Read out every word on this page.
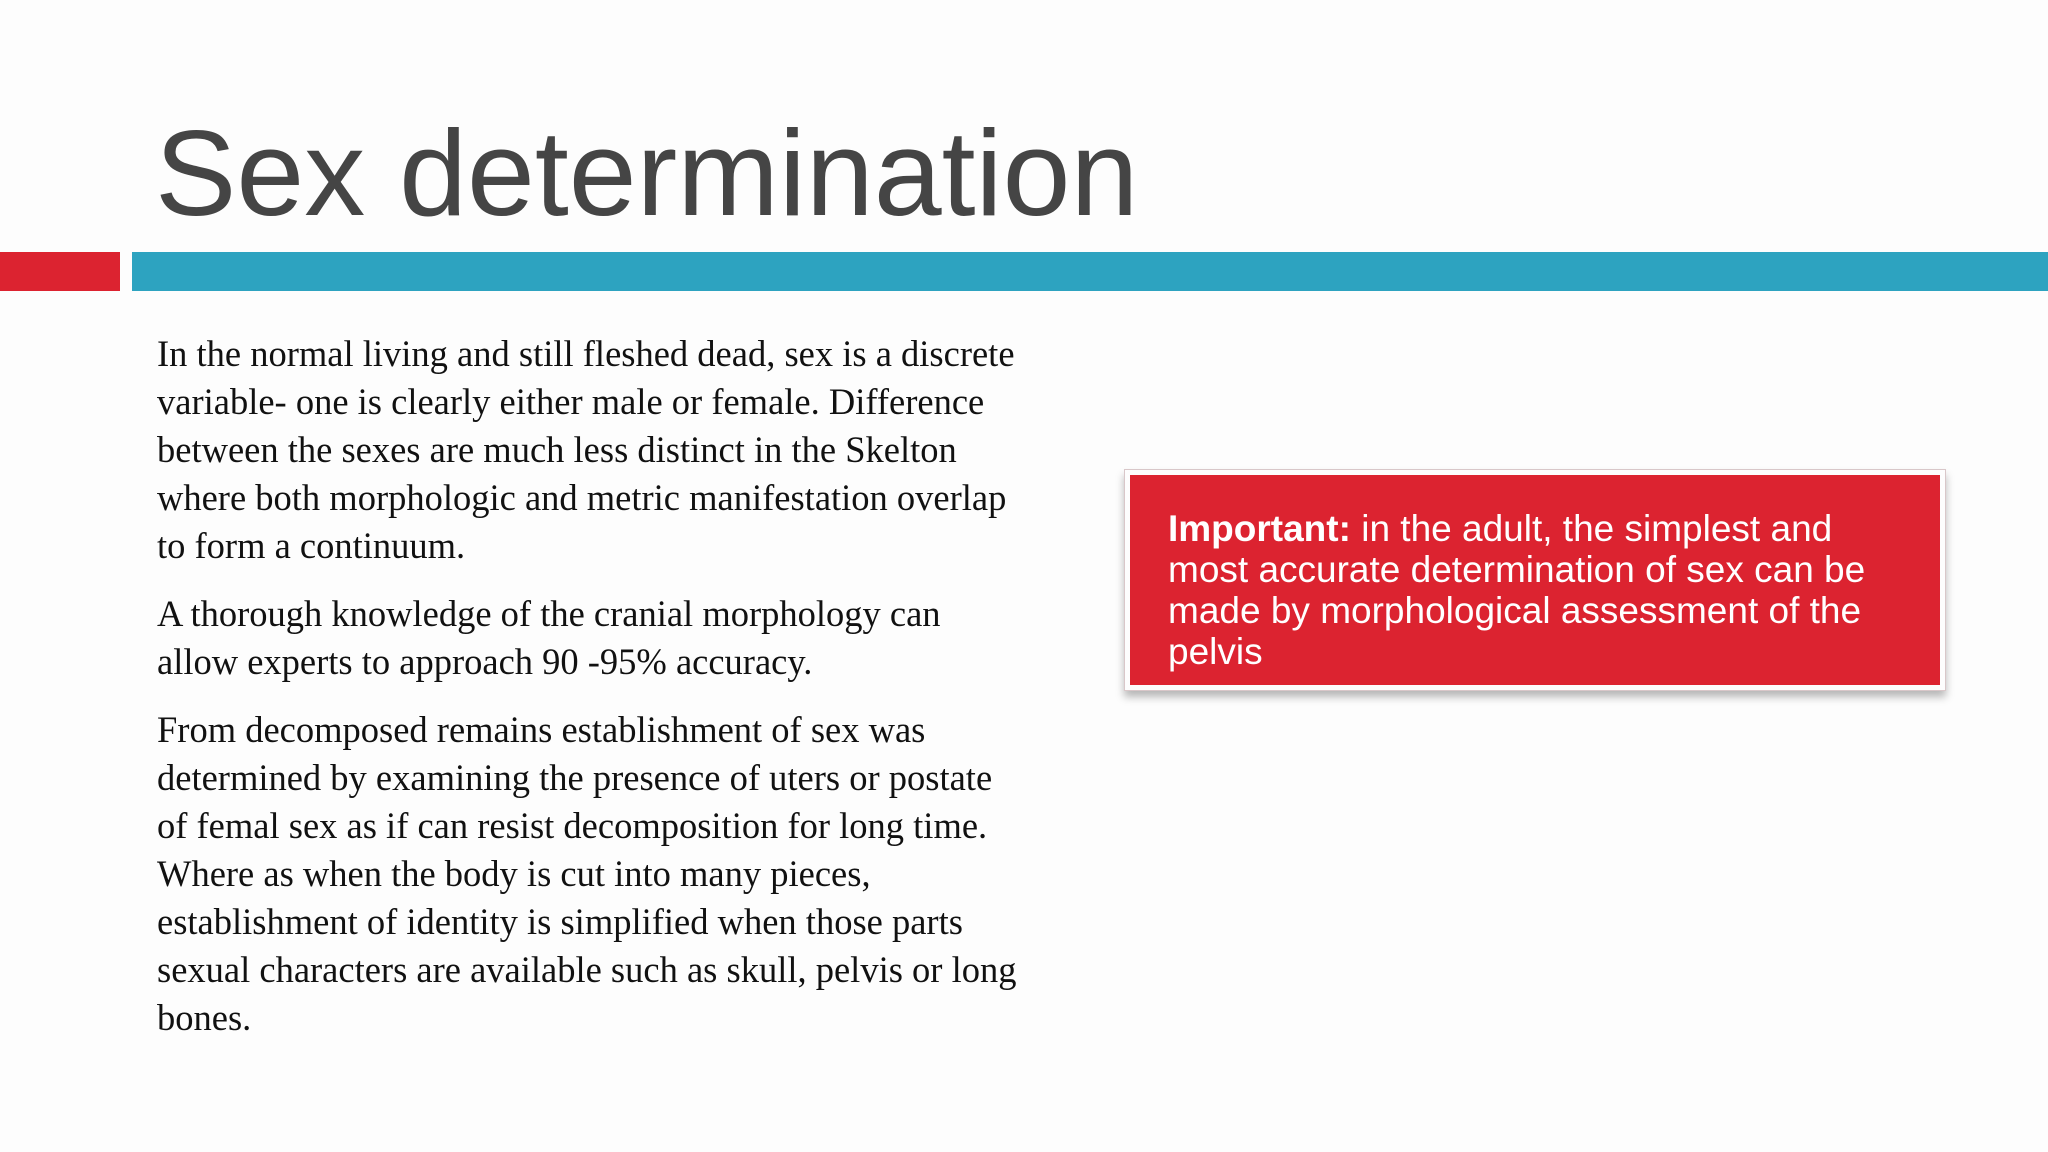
Sex determination

In the normal living and still fleshed dead, sex is a discrete variable- one is clearly either male or female. Difference between the sexes are much less distinct in the Skelton where both morphologic and metric manifestation overlap to form a continuum.

A thorough knowledge of the cranial morphology can allow experts to approach 90 -95% accuracy.

From decomposed remains establishment of sex was determined by examining the presence of uters or postate of femal sex as if can resist decomposition for long time. Where as when the body is cut into many pieces, establishment of identity is simplified when those parts sexual characters are available such as skull, pelvis or long bones.

Important: in the adult, the simplest and most accurate determination of sex can be made by morphological assessment of the pelvis
